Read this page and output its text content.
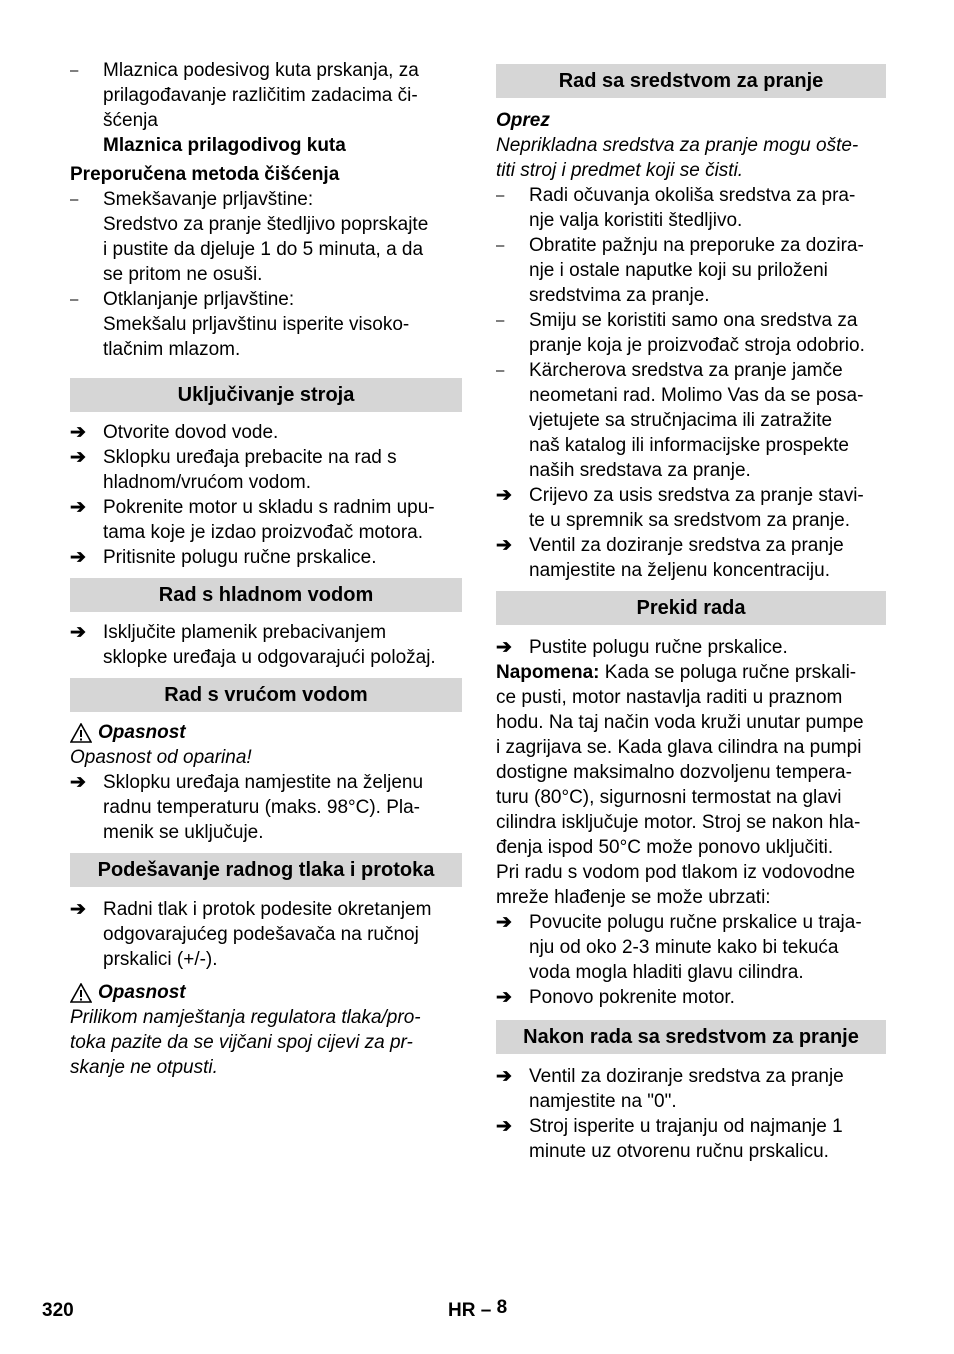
–	Mlaznica podesivog kuta prskanja, za
prilagođavanje različitim zadacima či-
šćenja
Mlaznica prilagodivog kuta
Preporučena metoda čišćenja
–	Smekšavanje prljavštine:
Sredstvo za pranje štedljivo poprskajte
i pustite da djeluje 1 do 5 minuta, a da
se pritom ne osuši.
–	Otklanjanje prljavštine:
Smekšalu prljavštinu isperite visoko-
tlačnim mlazom.
Uključivanje stroja
➔ Otvorite dovod vode.
➔ Sklopku uređaja prebacite na rad s
hladnom/vrućom vodom.
➔ Pokrenite motor u skladu s radnim upu-
tama koje je izdao proizvođač motora.
➔ Pritisnite polugu ručne prskalice.
Rad s hladnom vodom
➔ Isključite plamenik prebacivanjem
sklopke uređaja u odgovarajući položaj.
Rad s vrućom vodom
Opasnost
Opasnost od oparina!
➔ Sklopku uređaja namjestite na željenu
radnu temperaturu (maks. 98°C). Pla-
menik se uključuje.
Podešavanje radnog tlaka i protoka
➔ Radni tlak i protok podesite okretanjem
odgovarajućeg podešavača na ručnoj
prskalici (+/-).
Opasnost
Prilikom namještanja regulatora tlaka/pro-
toka pazite da se vijčani spoj cijevi za pr-
skanje ne otpusti.
Rad sa sredstvom za pranje
Oprez
Neprikladna sredstva za pranje mogu ošte-
titi stroj i predmet koji se čisti.
–	Radi očuvanja okoliša sredstva za pra-
nje valja koristiti štedljivo.
–	Obratite pažnju na preporuke za dozira-
nje i ostale naputke koji su priloženi
sredstvima za pranje.
–	Smiju se koristiti samo ona sredstva za
pranje koja je proizvođač stroja odobrio.
–	Kärcherova sredstva za pranje jamče
neometani rad. Molimo Vas da se posa-
vjetujete sa stručnjacima ili zatražite
naš katalog ili informacijske prospekte
naših sredstava za pranje.
➔ Crijevo za usis sredstva za pranje stavi-
te u spremnik sa sredstvom za pranje.
➔ Ventil za doziranje sredstva za pranje
namjestite na željenu koncentraciju.
Prekid rada
➔ Pustite polugu ručne prskalice.
Napomena: Kada se poluga ručne prskali-
ce pusti, motor nastavlja raditi u praznom
hodu. Na taj način voda kruži unutar pumpe
i zagrijava se. Kada glava cilindra na pumpi
dostigne maksimalno dozvoljenu tempera-
turu (80°C), sigurnosni termostat na glavi
cilindra isključuje motor. Stroj se nakon hla-
đenja ispod 50°C može ponovo uključiti.
Pri radu s vodom pod tlakom iz vodovodne
mreže hlađenje se može ubrzati:
➔ Povucite polugu ručne prskalice u traja-
nju od oko 2-3 minute kako bi tekuća
voda mogla hladiti glavu cilindra.
➔ Ponovo pokrenite motor.
Nakon rada sa sredstvom za pranje
➔ Ventil za doziranje sredstva za pranje
namjestite na "0".
➔ Stroj isperite u trajanju od najmanje 1
minute uz otvorenu ručnu prskalicu.
320	HR – 8
